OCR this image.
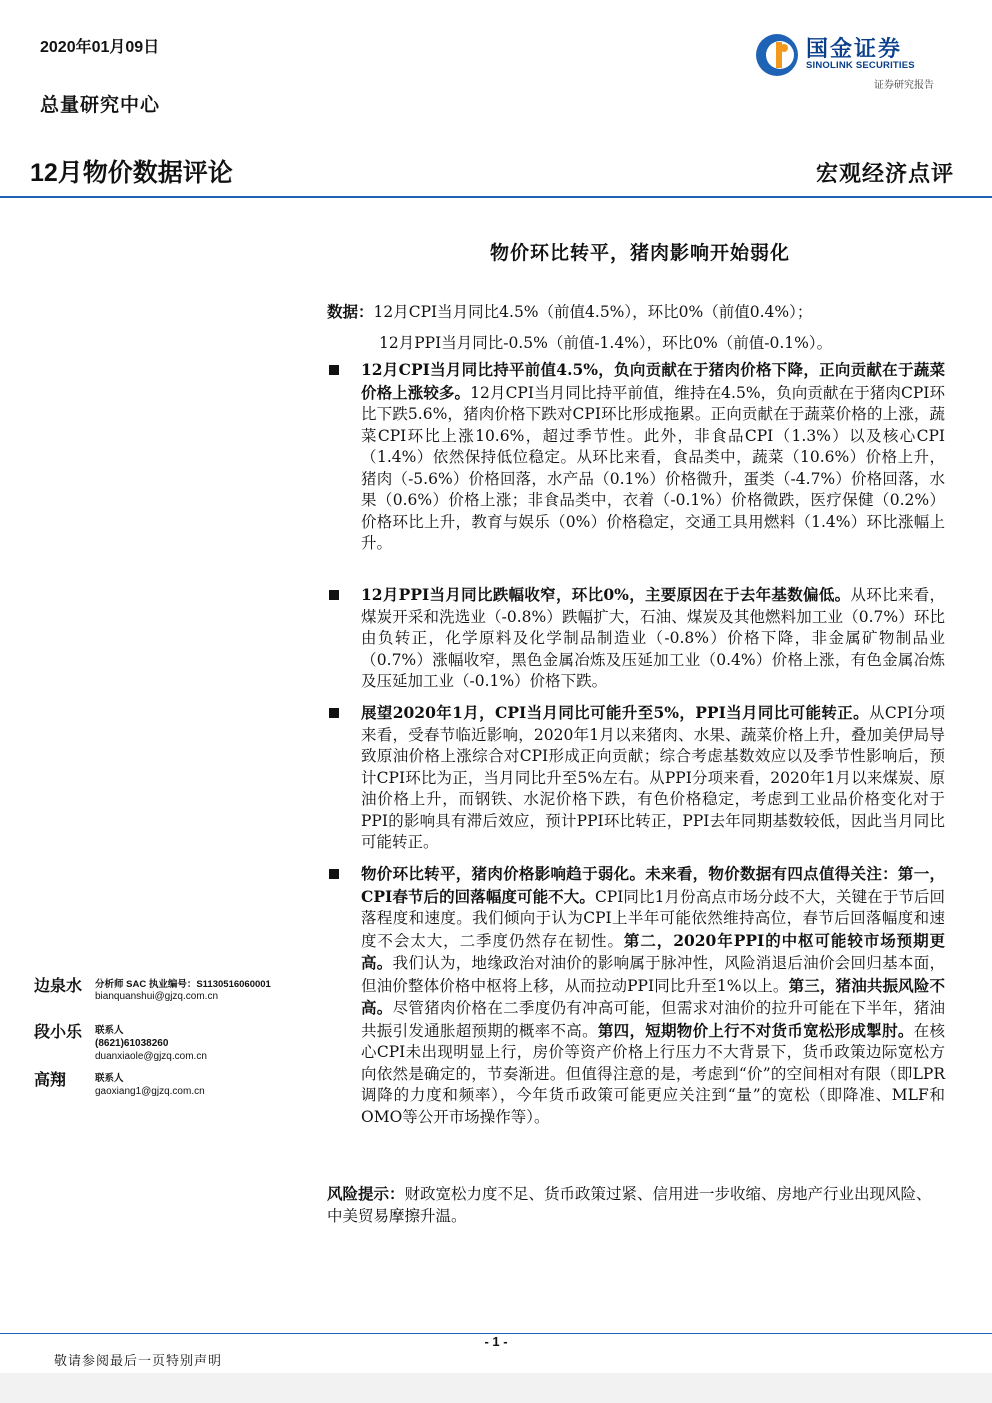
2020年01月09日
总量研究中心
国金证券
SINOLINK SECURITIES
证券研究报告
12月物价数据评论	宏观经济点评
物价环比转平，猪肉影响开始弱化
数据：12月CPI当月同比4.5%（前值4.5%），环比0%（前值0.4%）；
12月PPI当月同比-0.5%（前值-1.4%），环比0%（前值-0.1%）。
12月CPI当月同比持平前值4.5%，负向贡献在于猪肉价格下降，正向贡献在于蔬菜价格上涨较多。12月CPI当月同比持平前值，维持在4.5%，负向贡献在于猪肉CPI环比下跌5.6%，猪肉价格下跌对CPI环比形成拖累。正向贡献在于蔬菜价格的上涨，蔬菜CPI环比上涨10.6%，超过季节性。此外，非食品CPI（1.3%）以及核心CPI（1.4%）依然保持低位稳定。从环比来看，食品类中，蔬菜（10.6%）价格上升，猪肉（-5.6%）价格回落，水产品（0.1%）价格微升，蛋类（-4.7%）价格回落，水果（0.6%）价格上涨；非食品类中，衣着（-0.1%）价格微跌，医疗保健（0.2%）价格环比上升，教育与娱乐（0%）价格稳定，交通工具用燃料（1.4%）环比涨幅上升。
12月PPI当月同比跌幅收窄，环比0%，主要原因在于去年基数偏低。从环比来看，煤炭开采和洗选业（-0.8%）跌幅扩大，石油、煤炭及其他燃料加工业（0.7%）环比由负转正，化学原料及化学制品制造业（-0.8%）价格下降，非金属矿物制品业（0.7%）涨幅收窄，黑色金属冶炼及压延加工业（0.4%）价格上涨，有色金属冶炼及压延加工业（-0.1%）价格下跌。
展望2020年1月，CPI当月同比可能升至5%，PPI当月同比可能转正。从CPI分项来看，受春节临近影响，2020年1月以来猪肉、水果、蔬菜价格上升，叠加美伊局导致原油价格上涨综合对CPI形成正向贡献；综合考虑基数效应以及季节性影响后，预计CPI环比为正，当月同比升至5%左右。从PPI分项来看，2020年1月以来煤炭、原油价格上升，而钢铁、水泥价格下跌，有色价格稳定，考虑到工业品价格变化对于PPI的影响具有滞后效应，预计PPI环比转正，PPI去年同期基数较低，因此当月同比可能转正。
物价环比转平，猪肉价格影响趋于弱化。未来看，物价数据有四点值得关注：第一，CPI春节后的回落幅度可能不大。CPI同比1月份高点市场分歧不大，关键在于节后回落程度和速度。我们倾向于认为CPI上半年可能依然维持高位，春节后回落幅度和速度不会太大，二季度仍然存在韧性。第二，2020年PPI的中枢可能较市场预期更高。我们认为，地缘政治对油价的影响属于脉冲性，风险消退后油价会回归基本面，但油价整体价格中枢将上移，从而拉动PPI同比升至1%以上。第三，猪油共振风险不高。尽管猪肉价格在二季度仍有冲高可能，但需求对油价的拉升可能在下半年，猪油共振引发通胀超预期的概率不高。第四，短期物价上行不对货币宽松形成掣肘。在核心CPI未出现明显上行，房价等资产价格上行压力不大背景下，货币政策边际宽松方向依然是确定的，节奏渐进。但值得注意的是，考虑到“价”的空间相对有限（即LPR调降的力度和频率），今年货币政策可能更应关注到“量”的宽松（即降准、MLF和OMO等公开市场操作等）。
边泉水 分析师 SAC 执业编号：S1130516060001
bianquanshui@gjzq.com.cn
段小乐 联系人
(8621)61038260
duanxiaole@gjzq.com.cn
高翔	联系人
gaoxiang1@gjzq.com.cn
风险提示：财政宽松力度不足、货币政策过紧、信用进一步收缩、房地产行业出现风险、中美贸易摩擦升温。
- 1 -
敬请参阅最后一页特别声明
